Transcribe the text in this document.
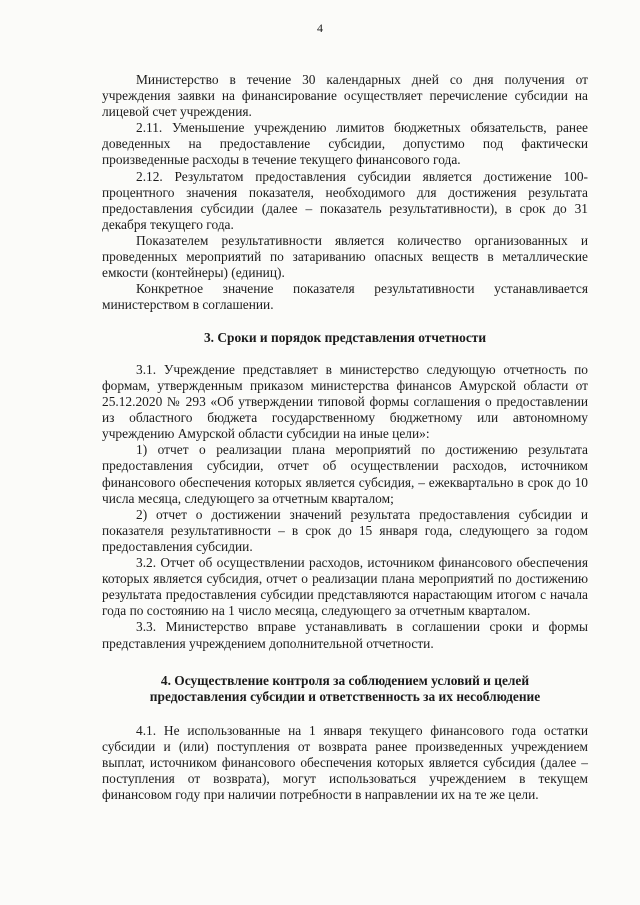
4

Министерство в течение 30 календарных дней со дня получения от учреждения заявки на финансирование осуществляет перечисление субсидии на лицевой счет учреждения.

2.11. Уменьшение учреждению лимитов бюджетных обязательств, ранее доведенных на предоставление субсидии, допустимо под фактически произведенные расходы в течение текущего финансового года.

2.12. Результатом предоставления субсидии является достижение 100-процентного значения показателя, необходимого для достижения результата предоставления субсидии (далее – показатель результативности), в срок до 31 декабря текущего года.

Показателем результативности является количество организованных и проведенных мероприятий по затариванию опасных веществ в металлические емкости (контейнеры) (единиц).

Конкретное значение показателя результативности устанавливается министерством в соглашении.

3. Сроки и порядок представления отчетности

3.1. Учреждение представляет в министерство следующую отчетность по формам, утвержденным приказом министерства финансов Амурской области от 25.12.2020 № 293 «Об утверждении типовой формы соглашения о предоставлении из областного бюджета государственному бюджетному или автономному учреждению Амурской области субсидии на иные цели»:

1) отчет о реализации плана мероприятий по достижению результата предоставления субсидии, отчет об осуществлении расходов, источником финансового обеспечения которых является субсидия, – ежеквартально в срок до 10 числа месяца, следующего за отчетным кварталом;

2) отчет о достижении значений результата предоставления субсидии и показателя результативности – в срок до 15 января года, следующего за годом предоставления субсидии.

3.2. Отчет об осуществлении расходов, источником финансового обеспечения которых является субсидия, отчет о реализации плана мероприятий по достижению результата предоставления субсидии представляются нарастающим итогом с начала года по состоянию на 1 число месяца, следующего за отчетным кварталом.

3.3. Министерство вправе устанавливать в соглашении сроки и формы представления учреждением дополнительной отчетности.

4. Осуществление контроля за соблюдением условий и целей
предоставления субсидии и ответственность за их несоблюдение

4.1. Не использованные на 1 января текущего финансового года остатки субсидии и (или) поступления от возврата ранее произведенных учреждением выплат, источником финансового обеспечения которых является субсидия (далее – поступления от возврата), могут использоваться учреждением в текущем финансовом году при наличии потребности в направлении их на те же цели.
